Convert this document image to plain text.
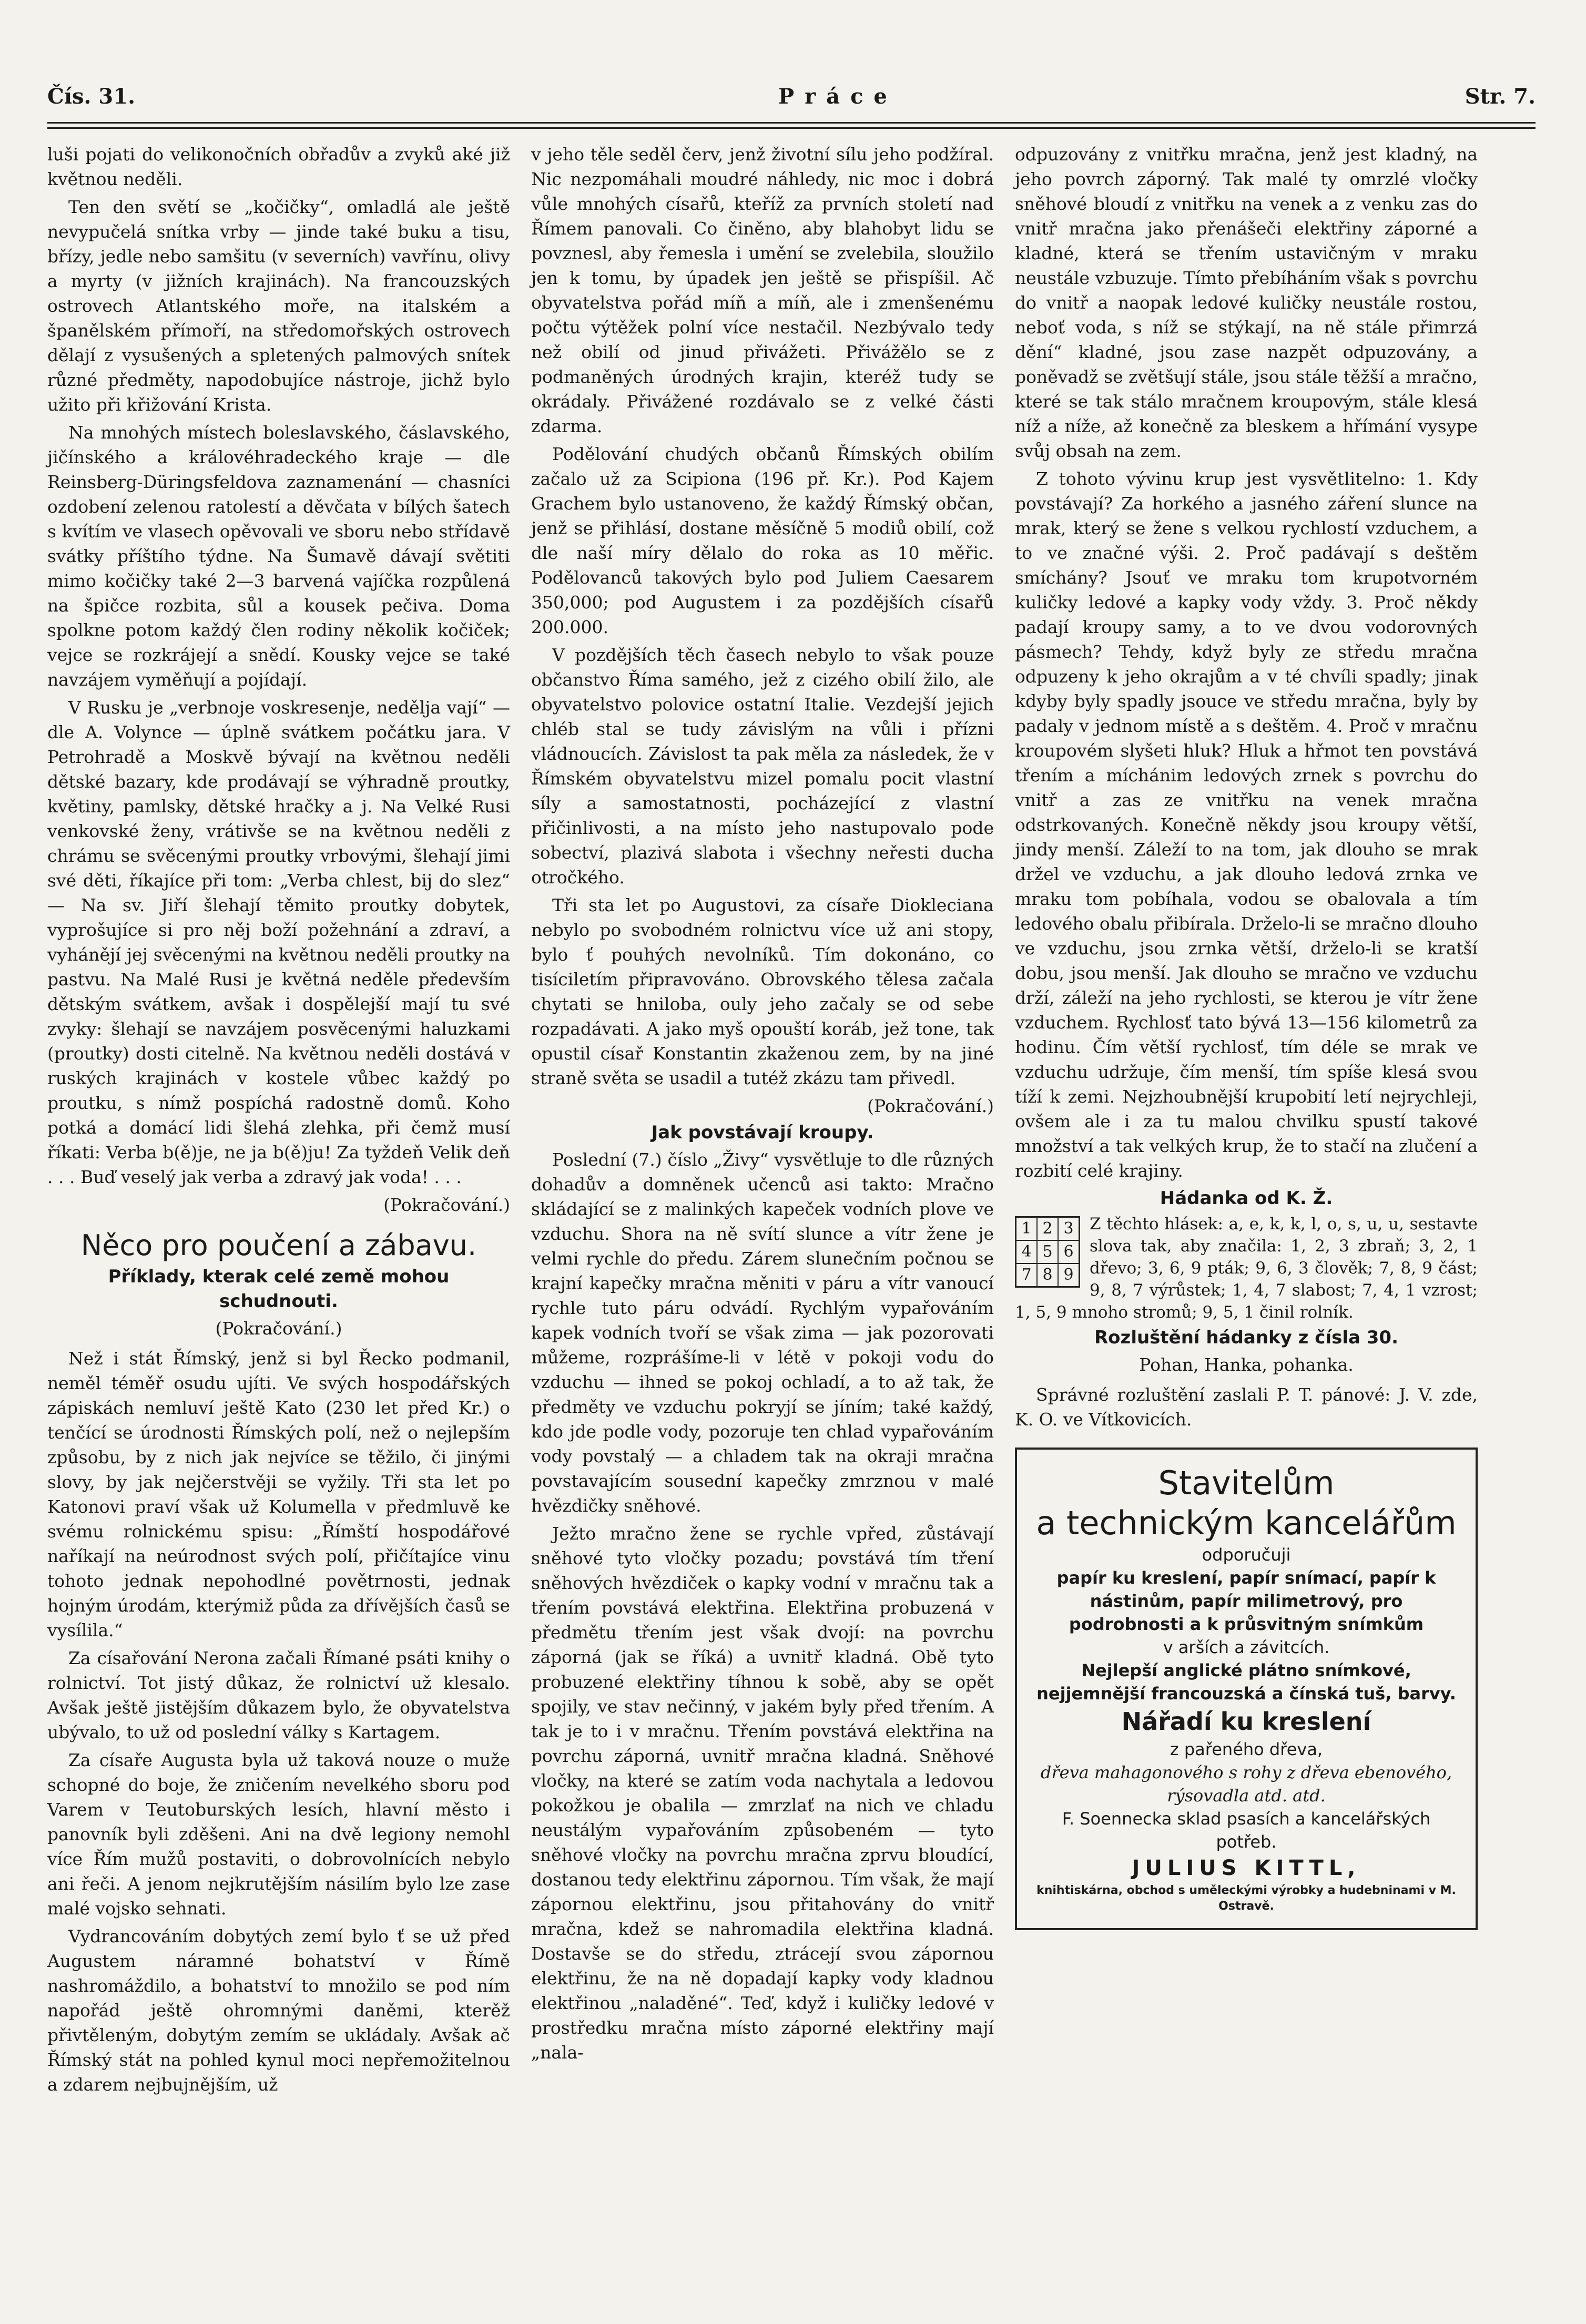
Čís. 31.	Práce	Str. 7.

luši pojati do velikonočních obřadův a zvyků aké již květnou neděli.

Ten den světí se „kočičky“, omladlá ale ještě nevypučelá snítka vrby — jinde také buku a tisu, břízy, jedle nebo samšitu (v severních) vavřínu, olivy a myrty (v jižních krajinách). Na francouzských ostrovech Atlantského moře, na italském a španělském přímoří, na středomořských ostrovech dělají z vysušených a spletených palmových snítek různé předměty, napodobujíce nástroje, jichž bylo užito při křižování Krista.

Na mnohých místech boleslavského, čáslavského, jičínského a královéhradeckého kraje — dle Reinsberg-Düringsfeldova zaznamenání — chasníci ozdobení zelenou ratolestí a děvčata v bílých šatech s kvítím ve vlasech opěvovali ve sboru nebo střídavě svátky příštího týdne. Na Šumavě dávají světiti mimo kočičky také 2—3 barvená vajíčka rozpůlená na špičce rozbita, sůl a kousek pečiva. Doma spolkne potom každý člen rodiny několik kočiček; vejce se rozkrájejí a snědí. Kousky vejce se také navzájem vyměňují a pojídají.

V Rusku je „verbnoje voskresenje, neděljа vají“ — dle A. Volynce — úplně svátkem počátku jara. V Petrohradě a Moskvě bývají na květnou neděli dětské bazary, kde prodávají se výhradně proutky, květiny, pamlsky, dětské hračky a j. Na Velké Rusi venkovské ženy, vrátivše se na květnou neděli z chrámu se svěcenými proutky vrbovými, šlehají jimi své děti, říkajíce při tom: „Verba chlest, bij do slez“ — Na sv. Jiří šlehají těmito proutky dobytek, vyprošujíce si pro něj boží požehnání a zdraví, a vyhánějí jej svěcenými na květnou neděli proutky na pastvu. Na Malé Rusi je květná neděle především dětským svátkem, avšak i dospělejší mají tu své zvyky: šlehají se navzájem posvěcenými haluzkami (proutky) dosti citelně. Na květnou neděli dostává v ruských krajinách v kostele vůbec každý po proutku, s nímž pospíchá radostně domů. Koho potká a domácí lidi šlehá zlehka, při čemž musí říkati: Verba b(ě)je, ne ja b(ě)ju! Za tyždeň Velik deň . . . Buď veselý jak verba a zdravý jak voda! . . .

(Pokračování.)
Něco pro poučení a zábavu.
Příklady, kterak celé země mohou schudnouti.
(Pokračování.)

Než i stát Římský, jenž si byl Řecko podmanil, neměl téměř osudu ujíti. Ve svých hospodářských zápiskách nemluví ještě Kato (230 let před Kr.) o tenčící se úrodnosti Římských polí, než o nejlepším způsobu, by z nich jak nejvíce se těžilo, či jinými slovy, by jak nejčerstvěji se vyžily. Tři sta let po Katonovi praví však už Kolumella v předmluvě ke svému rolnickému spisu: „Římští hospodářové naříkají na neúrodnost svých polí, přičítajíce vinu tohoto jednak nepohodlné povětrnosti, jednak hojným úrodám, kterýmiž půda za dřívějších časů se vysílila.“

Za císařování Nerona začali Římané psáti knihy o rolnictví. Tot jistý důkaz, že rolnictví už klesalo. Avšak ještě jistějším důkazem bylo, že obyvatelstva ubývalo, to už od poslední války s Kartagem.

Za císaře Augusta byla už taková nouze o muže schopné do boje, že zničením nevelkého sboru pod Varem v Teutoburských lesích, hlavní město i panovník byli zděšeni. Ani na dvě legiony nemohl více Řím mužů postaviti, o dobrovolnících nebylo ani řeči. A jenom nejkrutějším násilím bylo lze zase malé vojsko sehnati.

Vydrancováním dobytých zemí bylo ť se už před Augustem náramné bohatství v Římě nashromáždilo, a bohatství to množilo se pod ním napořád ještě ohromnými daněmi, kterěž přivtěleným, dobytým zemím se ukládaly. Avšak ač Římský stát na pohled kynul moci nepřemožitelnou a zdarem nejbujnějším, už

v jeho těle seděl červ, jenž životní sílu jeho podžíral. Nic nezpomáhali moudré náhledy, nic moc i dobrá vůle mnohých císařů, kteříž za prvních století nad Římem panovali. Co činěno, aby blahobyt lidu se povznesl, aby řemesla i umění se zvelebila, sloužilo jen k tomu, by úpadek jen ještě se přispíšil. Ač obyvatelstva pořád míň a míň, ale i zmenšenému počtu výtěžek polní více nestačil. Nezbývalo tedy než obilí od jinud přivážeti. Přivážělo se z podmaněných úrodných krajin, kteréž tudy se okrádaly. Přivážené rozdávalo se z velké části zdarma.

Podělování chudých občanů Římských obilím začalo už za Scipiona (196 př. Kr.). Pod Kajem Grachem bylo ustanoveno, že každý Římský občan, jenž se přihlásí, dostane měsíčně 5 modiů obilí, což dle naší míry dělalo do roka as 10 měřic. Podělovanců takových bylo pod Juliem Caesarem 350,000; pod Augustem i za pozdějších císařů 200.000.

V pozdějších těch časech nebylo to však pouze občanstvo Říma samého, jež z cizého obilí žilo, ale obyvatelstvo polovice ostatní Italie. Vezdejší jejich chléb stal se tudy závislým na vůli i přízni vládnoucích. Závislost ta pak měla za následek, že v Římském obyvatelstvu mizel pomalu pocit vlastní síly a samostatnosti, pocházející z vlastní přičinlivosti, a na místo jeho nastupovalo pode sobectví, plazivá slabota i všechny neřesti ducha otročkého.

Tři sta let po Augustovi, za císaře Diokleciana nebylo po svobodném rolnictvu více už ani stopy, bylo ť pouhých nevolníků. Tím dokonáno, co tisíciletím připravováno. Obrovského tělesa začala chytati se hniloba, ouly jeho začaly se od sebe rozpadávati. A jako myš opouští koráb, jež tone, tak opustil císař Konstantin zkaženou zem, by na jiné straně světa se usadil a tutéž zkázu tam přivedl.

(Pokračování.)
Jak povstávají kroupy.

Poslední (7.) číslo „Živy“ vysvětluje to dle různých dohadův a domněnek učenců asi takto: Mračno skládající se z malinkých kapeček vodních plove ve vzduchu. Shora na ně svítí slunce a vítr žene je velmi rychle do předu. Zárem slunečním počnou se krajní kapečky mračna měniti v páru a vítr vanoucí rychle tuto páru odvádí. Rychlým vypařováním kapek vodních tvoří se však zima — jak pozorovati můžeme, rozprášíme-li v létě v pokoji vodu do vzduchu — ihned se pokoj ochladí, a to až tak, že předměty ve vzduchu pokryjí se jíním; také každý, kdo jde podle vody, pozoruje ten chlad vypařováním vody povstalý — a chladem tak na okraji mračna povstavajícím sousední kapečky zmrznou v malé hvězdičky sněhové.

Ježto mračno žene se rychle vpřed, zůstávají sněhové tyto vločky pozadu; povstává tím tření sněhových hvězdiček o kapky vodní v mračnu tak a třením povstává elektřina. Elektřina probuzená v předmětu třením jest však dvojí: na povrchu záporná (jak se říká) a uvnitř kladná. Obě tyto probuzené elektřiny tíhnou k sobě, aby se opět spojily, ve stav nečinný, v jakém byly před třením. A tak je to i v mračnu. Třením povstává elektřina na povrchu záporná, uvnitř mračna kladná. Sněhové vločky, na které se zatím voda nachytala a ledovou pokožkou je obalila — zmrzlať na nich ve chladu neustálým vypařováním způsobeném — tyto sněhové vločky na povrchu mračna zprvu bloudící, dostanou tedy elektřinu zápornou. Tím však, že mají zápornou elektřinu, jsou přitahovány do vnitř mračna, kdež se nahromadila elektřina kladná. Dostavše se do středu, ztrácejí svou zápornou elektřinu, že na ně dopadají kapky vody kladnou elektřinou „naladěné“. Teď, když i kuličky ledové v prostředku mračna místo záporné elektřiny mají „nala-

odpuzovány z vnitřku mračna, jenž jest kladný, na jeho povrch záporný. Tak malé ty omrzlé vločky sněhové bloudí z vnitřku na venek a z venku zas do vnitř mračna jako přenášeči elektřiny záporné a kladné, která se třením ustavičným v mraku neustále vzbuzuje. Tímto přebíháním však s povrchu do vnitř a naopak ledové kuličky neustále rostou, neboť voda, s níž se stýkají, na ně stále přimrzá dění“ kladné, jsou zase nazpět odpuzovány, a poněvadž se zvětšují stále, jsou stále těžší a mračno, které se tak stálo mračnem kroupovým, stále klesá níž a níže, až konečně za bleskem a hřímání vysype svůj obsah na zem.

Z tohoto vývinu krup jest vysvětlitelno: 1. Kdy povstávají? Za horkého a jasného záření slunce na mrak, který se žene s velkou rychlostí vzduchem, a to ve značné výši. 2. Proč padávají s deštěm smíchány? Jsouť ve mraku tom krupotvorném kuličky ledové a kapky vody vždy. 3. Proč někdy padají kroupy samy, a to ve dvou vodorovných pásmech? Tehdy, když byly ze středu mračna odpuzeny k jeho okrajům a v té chvíli spadly; jinak kdyby byly spadly jsouce ve středu mračna, byly by padaly v jednom místě a s deštěm. 4. Proč v mračnu kroupovém slyšeti hluk? Hluk a hřmot ten povstává třením a míchánim ledových zrnek s povrchu do vnitř a zas ze vnitřku na venek mračna odstrkovaných. Konečně někdy jsou kroupy větší, jindy menší. Záleží to na tom, jak dlouho se mrak držel ve vzduchu, a jak dlouho ledová zrnka ve mraku tom pobíhala, vodou se obalovala a tím ledového obalu přibírala. Drželo-li se mračno dlouho ve vzduchu, jsou zrnka větší, drželo-li se kratší dobu, jsou menší. Jak dlouho se mračno ve vzduchu drží, záleží na jeho rychlosti, se kterou je vítr žene vzduchem. Rychlosť tato bývá 13—156 kilometrů za hodinu. Čím větší rychlosť, tím déle se mrak ve vzduchu udržuje, čím menší, tím spíše klesá svou tíží k zemi. Nejzhoubnější krupobití letí nejrychleji, ovšem ale i za tu malou chvilku spustí takové množství a tak velkých krup, že to stačí na zlučení a rozbití celé krajiny.

Hádanka od K. Ž.
1 2 3
4 5 6
7 8 9
Z těchto hlásek: a, e, k, k, l, o, s, u, u, sestavte slova tak, aby značila: 1, 2, 3 zbraň; 3, 2, 1 dřevo; 3, 6, 9 pták; 9, 6, 3 člověk; 7, 8, 9 část; 9, 8, 7 výrůstek; 1, 4, 7 slabost; 7, 4, 1 vzrost; 1, 5, 9 mnoho stromů; 9, 5, 1 činil rolník.
Rozluštění hádanky z čísla 30.
Pohan, Hanka, pohanka.

Správné rozluštění zaslali P. T. pánové: J. V. zde, K. O. ve Vítkovicích.

Stavitelům
a technickým kancelářům
odporučuji
papír ku kreslení, papír snímací, papír k nástinům, papír milimetrový, pro podrobnosti a k průsvitným snímkům
v arších a závitcích.
Nejlepší anglické plátno snímkové, nejjemnější francouzská a čínská tuš, barvy.
Nářadí ku kreslení
z pařeného dřeva,
dřeva mahagonového s rohy z dřeva ebenového, rýsovadla atd. atd.
F. Soennecka sklad psasích a kancelářských potřeb.
JULIUS KITTL,
knihtiskárna, obchod s uměleckými výrobky a hudebninami v M. Ostravě.
